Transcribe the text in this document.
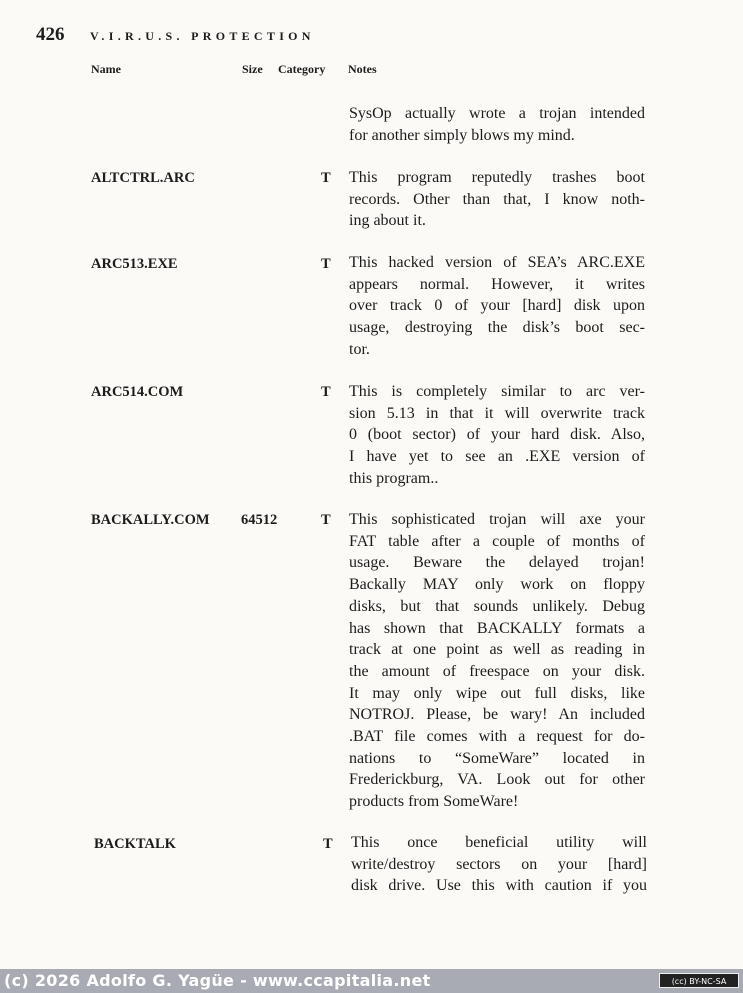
426 V.I.R.U.S. PROTECTION
Name	Size Category Notes
SysOp actually wrote a trojan intended
for another simply blows my mind.
ALTCTRL.ARC	T This program reputedly trashes boot
records. Other than that, I know noth-
ing about it.
ARC513.EXE	T This hacked version of SEA’s ARC.EXE
appears normal. However, it writes
over track 0 of your [hard] disk upon
usage, destroying the disk’s boot sec-
tor.
ARC514.COM	T This is completely similar to arc ver-
sion 5.13 in that it will overwrite track
0 (boot sector) of your hard disk. Also,
I have yet to see an .EXE version of
this program..
BACKALLY.COM 64512	T This sophisticated trojan will axe your
FAT table after a couple of months of
usage. Beware the delayed trojan!
Backally MAY only work on floppy
disks, but that sounds unlikely. Debug
has shown that BACKALLY formats a
track at one point as well as reading in
the amount of freespace on your disk.
It may only wipe out full disks, like
NOTROJ. Please, be wary! An included
.BAT file comes with a request for do-
nations to “SomeWare” located in
Frederickburg, VA. Look out for other
products from SomeWare!
BACKTALK	T This once beneficial utility will
write/destroy sectors on your [hard]
disk drive. Use this with caution if you
(c) 2026 Adolfo G. Yagüe - www.ccapitalia.net	(cc) BY-NC-SA
